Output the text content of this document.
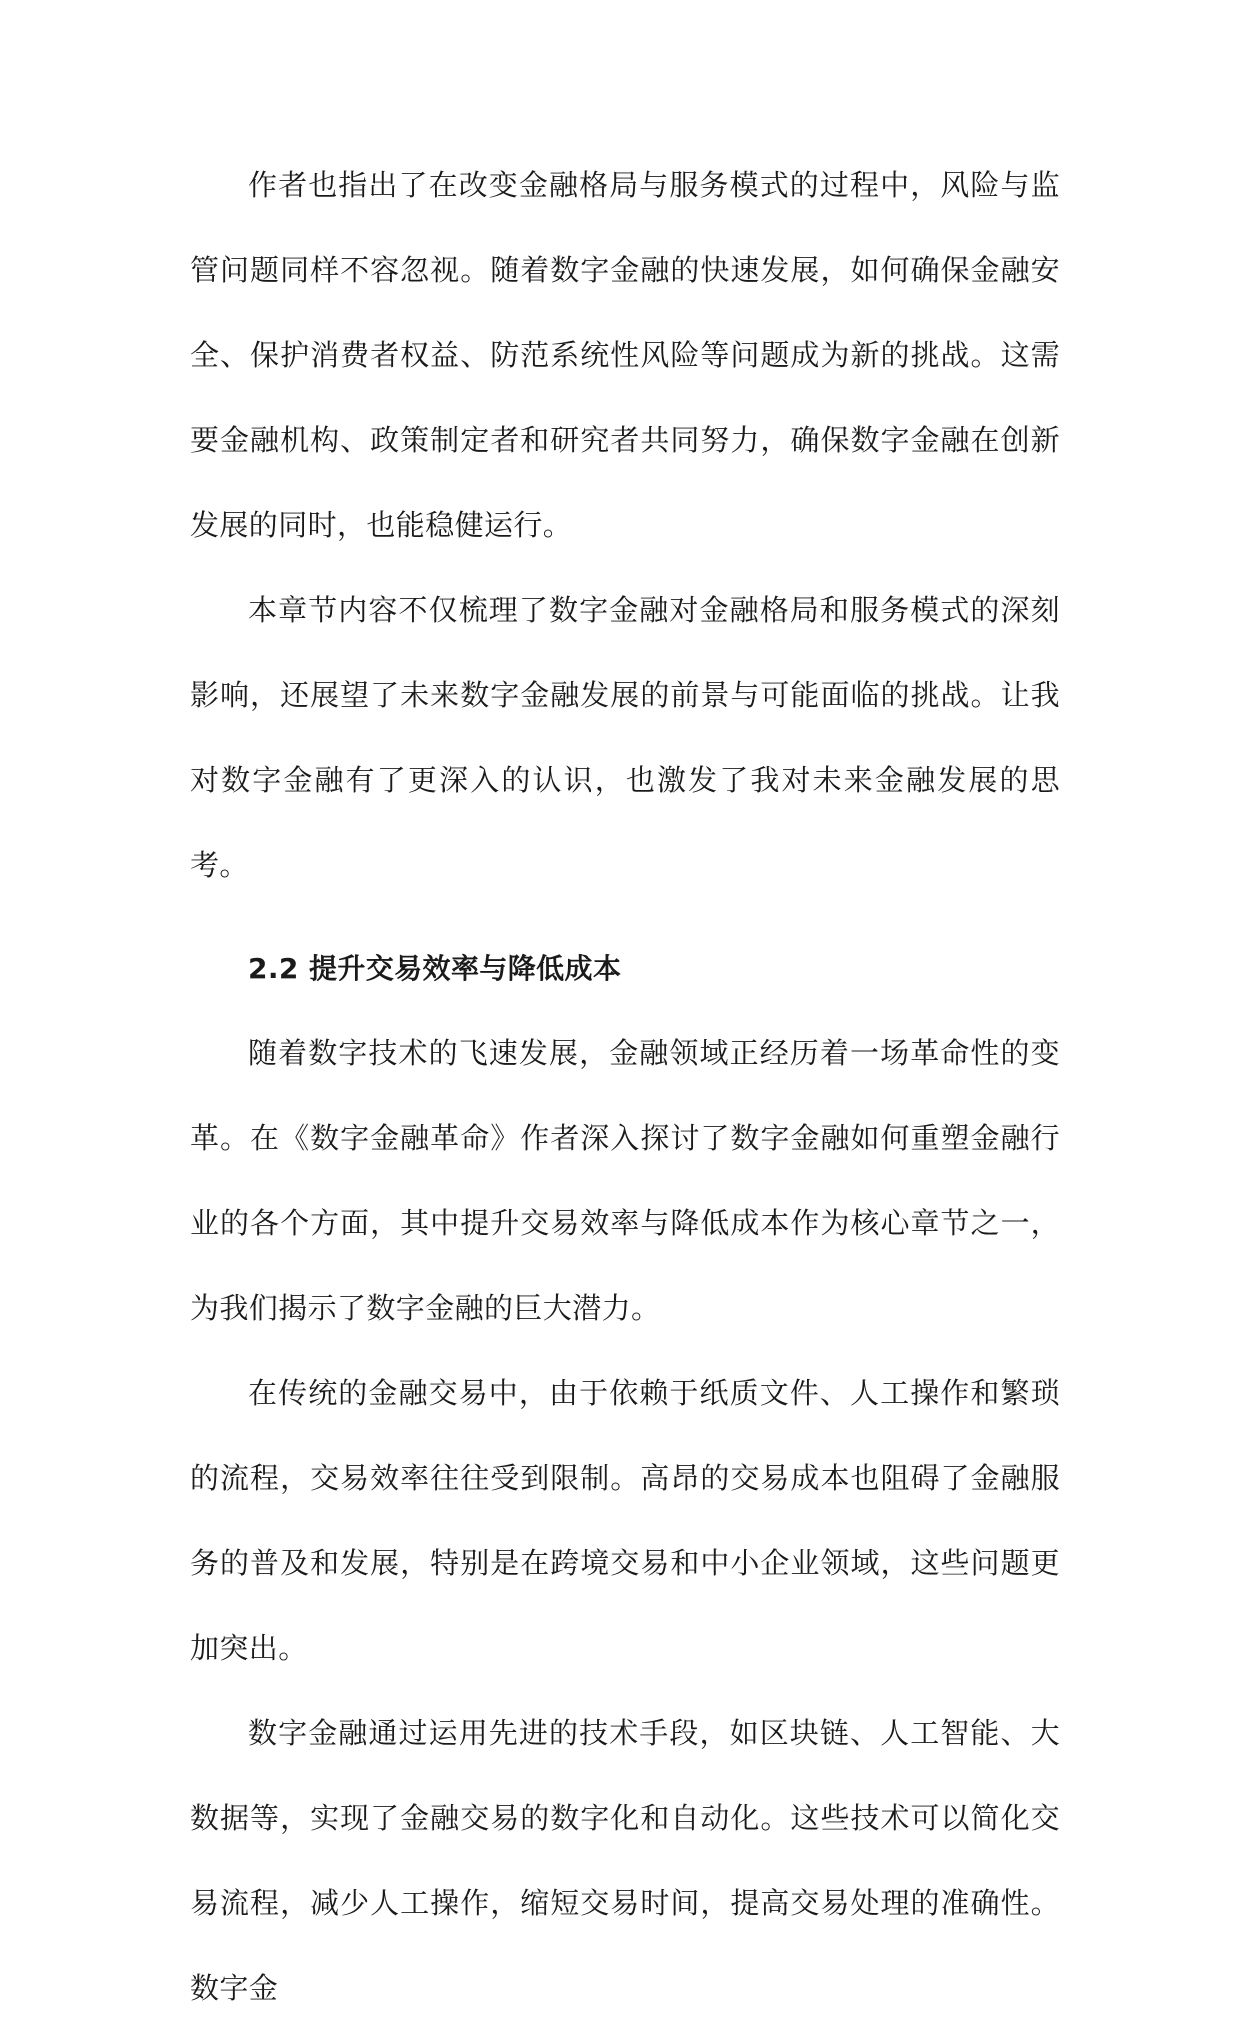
作者也指出了在改变金融格局与服务模式的过程中，风险与监管问题同样不容忽视。随着数字金融的快速发展，如何确保金融安全、保护消费者权益、防范系统性风险等问题成为新的挑战。这需要金融机构、政策制定者和研究者共同努力，确保数字金融在创新发展的同时，也能稳健运行。

本章节内容不仅梳理了数字金融对金融格局和服务模式的深刻影响，还展望了未来数字金融发展的前景与可能面临的挑战。让我对数字金融有了更深入的认识，也激发了我对未来金融发展的思考。

2.2 提升交易效率与降低成本

随着数字技术的飞速发展，金融领域正经历着一场革命性的变革。在《数字金融革命》作者深入探讨了数字金融如何重塑金融行业的各个方面，其中提升交易效率与降低成本作为核心章节之一，为我们揭示了数字金融的巨大潜力。

在传统的金融交易中，由于依赖于纸质文件、人工操作和繁琐的流程，交易效率往往受到限制。高昂的交易成本也阻碍了金融服务的普及和发展，特别是在跨境交易和中小企业领域，这些问题更加突出。

数字金融通过运用先进的技术手段，如区块链、人工智能、大数据等，实现了金融交易的数字化和自动化。这些技术可以简化交易流程，减少人工操作，缩短交易时间，提高交易处理的准确性。数字金
